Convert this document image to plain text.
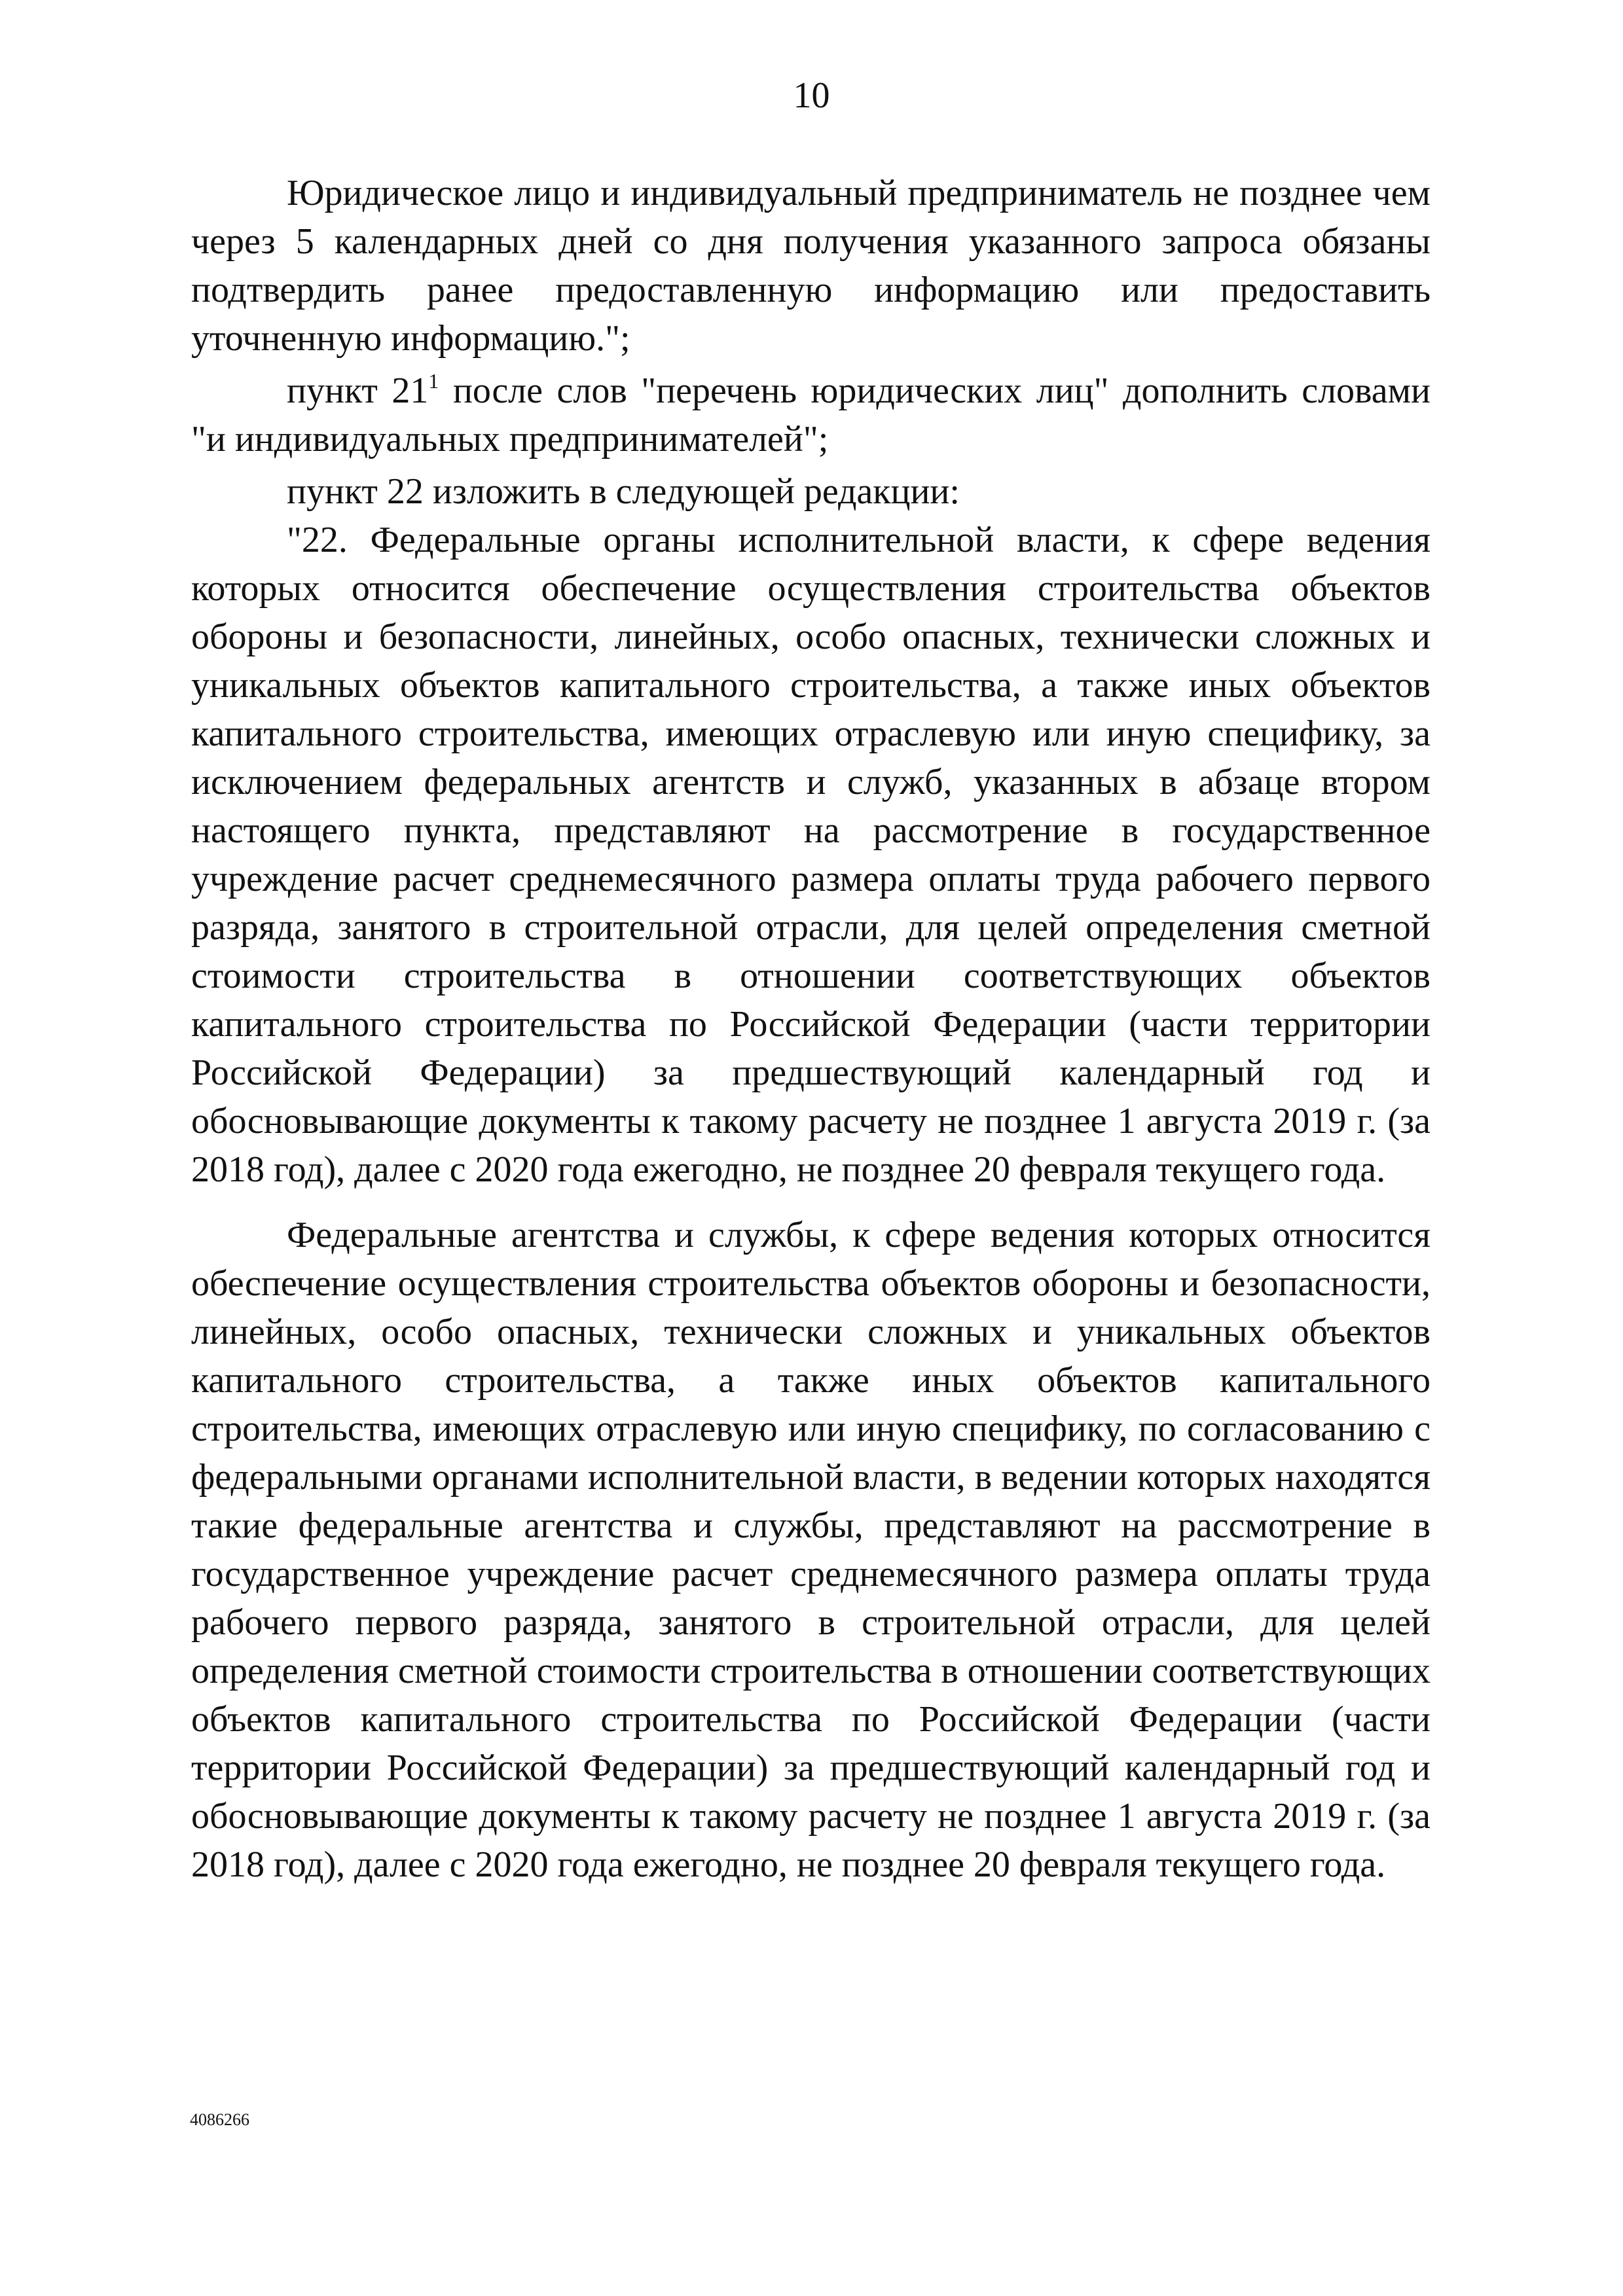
10

Юридическое лицо и индивидуальный предприниматель не позднее чем через 5 календарных дней со дня получения указанного запроса обязаны подтвердить ранее предоставленную информацию или предоставить уточненную информацию.";

пункт $21^1$ после слов "перечень юридических лиц" дополнить словами "и индивидуальных предпринимателей";

пункт 22 изложить в следующей редакции:

"22. Федеральные органы исполнительной власти, к сфере ведения которых относится обеспечение осуществления строительства объектов обороны и безопасности, линейных, особо опасных, технически сложных и уникальных объектов капитального строительства, а также иных объектов капитального строительства, имеющих отраслевую или иную специфику, за исключением федеральных агентств и служб, указанных в абзаце втором настоящего пункта, представляют на рассмотрение в государственное учреждение расчет среднемесячного размера оплаты труда рабочего первого разряда, занятого в строительной отрасли, для целей определения сметной стоимости строительства в отношении соответствующих объектов капитального строительства по Российской Федерации (части территории Российской Федерации) за предшествующий календарный год и обосновывающие документы к такому расчету не позднее 1 августа 2019 г. (за 2018 год), далее с 2020 года ежегодно, не позднее 20 февраля текущего года.

Федеральные агентства и службы, к сфере ведения которых относится обеспечение осуществления строительства объектов обороны и безопасности, линейных, особо опасных, технически сложных и уникальных объектов капитального строительства, а также иных объектов капитального строительства, имеющих отраслевую или иную специфику, по согласованию с федеральными органами исполнительной власти, в ведении которых находятся такие федеральные агентства и службы, представляют на рассмотрение в государственное учреждение расчет среднемесячного размера оплаты труда рабочего первого разряда, занятого в строительной отрасли, для целей определения сметной стоимости строительства в отношении соответствующих объектов капитального строительства по Российской Федерации (части территории Российской Федерации) за предшествующий календарный год и обосновывающие документы к такому расчету не позднее 1 августа 2019 г. (за 2018 год), далее с 2020 года ежегодно, не позднее 20 февраля текущего года.

4086266
